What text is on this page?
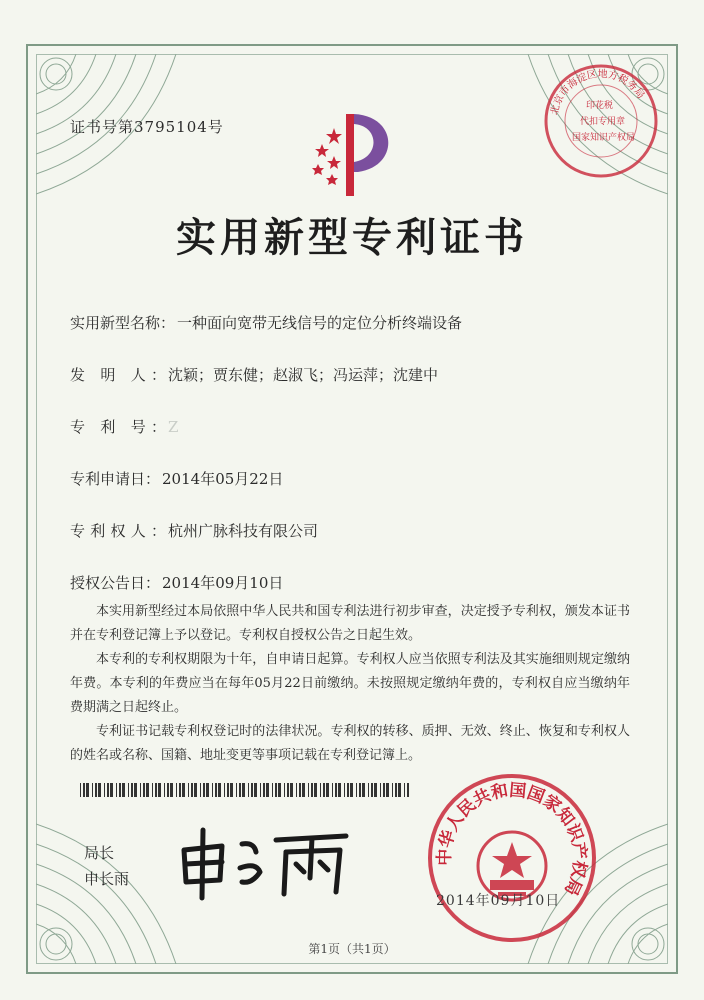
证书号第3795104号
北京市海淀区地方税务局
印花税
代扣专用章
国家知识产权局
实用新型专利证书
实用新型名称： 一种面向宽带无线信号的定位分析终端设备
发 明 人： 沈颖；贾东健；赵淑飞；冯运萍；沈建中
专 利 号： Z
专利申请日： 2014年05月22日
专利权人： 杭州广脉科技有限公司
授权公告日： 2014年09月10日

本实用新型经过本局依照中华人民共和国专利法进行初步审查，决定授予专利权，颁发本证书并在专利登记簿上予以登记。专利权自授权公告之日起生效。

本专利的专利权期限为十年，自申请日起算。专利权人应当依照专利法及其实施细则规定缴纳年费。本专利的年费应当在每年05月22日前缴纳。未按照规定缴纳年费的，专利权自应当缴纳年费期满之日起终止。

专利证书记载专利权登记时的法律状况。专利权的转移、质押、无效、终止、恢复和专利权人的姓名或名称、国籍、地址变更等事项记载在专利登记簿上。

局长
申长雨
中华人民共和国国家知识产权局
2014年09月10日
第1页（共1页）
